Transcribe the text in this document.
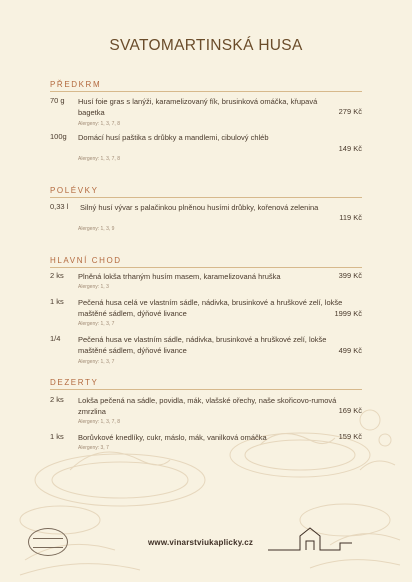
SVATOMARTINSKÁ HUSA
PŘEDKRM
70 g Husí foie gras s lanýži, karamelizovaný fík, brusinková omáčka, křupavá bagetka	279 Kč
Alergeny: 1, 3, 7, 8
100g Domácí husí paštika s drůbky a mandlemi, cibulový chléb
149 Kč
Alergeny: 1, 3, 7, 8
POLÉVKY
0,33 l Silný husí vývar s palačinkou plněnou husími drůbky, kořenová zelenina
119 Kč
Alergeny: 1, 3, 9
HLAVNÍ CHOD
2 ks Plněná lokša trhaným husím masem, karamelizovaná hruška	399 Kč
Alergeny: 1, 3
1 ks Pečená husa celá ve vlastním sádle, nádivka, brusinkové a hruškové zelí, lokše maštěné sádlem, dýňové livance	1999 Kč
Alergeny: 1, 3, 7
1/4 Pečená husa ve vlastním sádle, nádivka, brusinkové a hruškové zelí, lokše maštěné sádlem, dýňové livance	499 Kč
Alergeny: 1, 3, 7
DEZERTY
2 ks Lokša pečená na sádle, povidla, mák, vlašské ořechy, naše skořicovo-rumová zmrzlina	169 Kč
Alergeny: 1, 3, 7, 8
1 ks Borůvkové knedlíky, cukr, máslo, mák, vanilková omáčka	159 Kč
Alergeny: 3, 7
www.vinarstviukaplicky.cz
